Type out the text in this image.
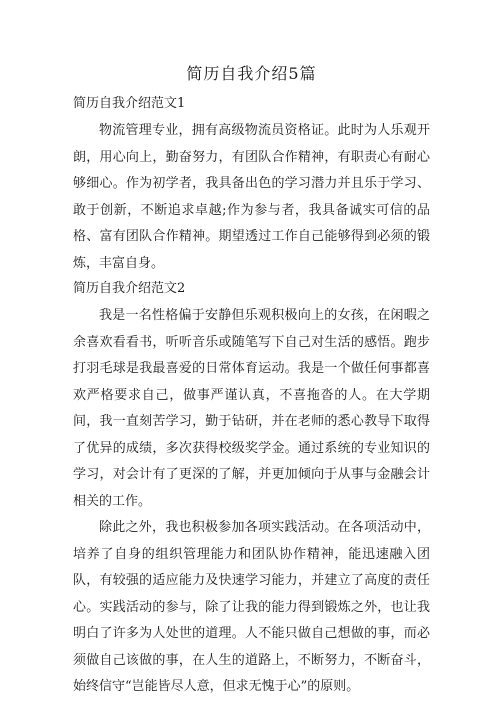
简历自我介绍5篇
简历自我介绍范文1

物流管理专业，拥有高级物流员资格证。此时为人乐观开朗，用心向上，勤奋努力，有团队合作精神，有职责心有耐心够细心。作为初学者，我具备出色的学习潜力并且乐于学习、敢于创新，不断追求卓越;作为参与者，我具备诚实可信的品格、富有团队合作精神。期望透过工作自己能够得到必须的锻炼，丰富自身。

简历自我介绍范文2

我是一名性格偏于安静但乐观积极向上的女孩，在闲暇之余喜欢看看书，听听音乐或随笔写下自己对生活的感悟。跑步打羽毛球是我最喜爱的日常体育运动。我是一个做任何事都喜欢严格要求自己，做事严谨认真，不喜拖沓的人。在大学期间，我一直刻苦学习，勤于钻研，并在老师的悉心教导下取得了优异的成绩，多次获得校级奖学金。通过系统的专业知识的学习，对会计有了更深的了解，并更加倾向于从事与金融会计相关的工作。

除此之外，我也积极参加各项实践活动。在各项活动中，培养了自身的组织管理能力和团队协作精神，能迅速融入团队，有较强的适应能力及快速学习能力，并建立了高度的责任心。实践活动的参与，除了让我的能力得到锻炼之外，也让我明白了许多为人处世的道理。人不能只做自己想做的事，而必须做自己该做的事，在人生的道路上，不断努力，不断奋斗，始终信守“岂能皆尽人意，但求无愧于心”的原则。
